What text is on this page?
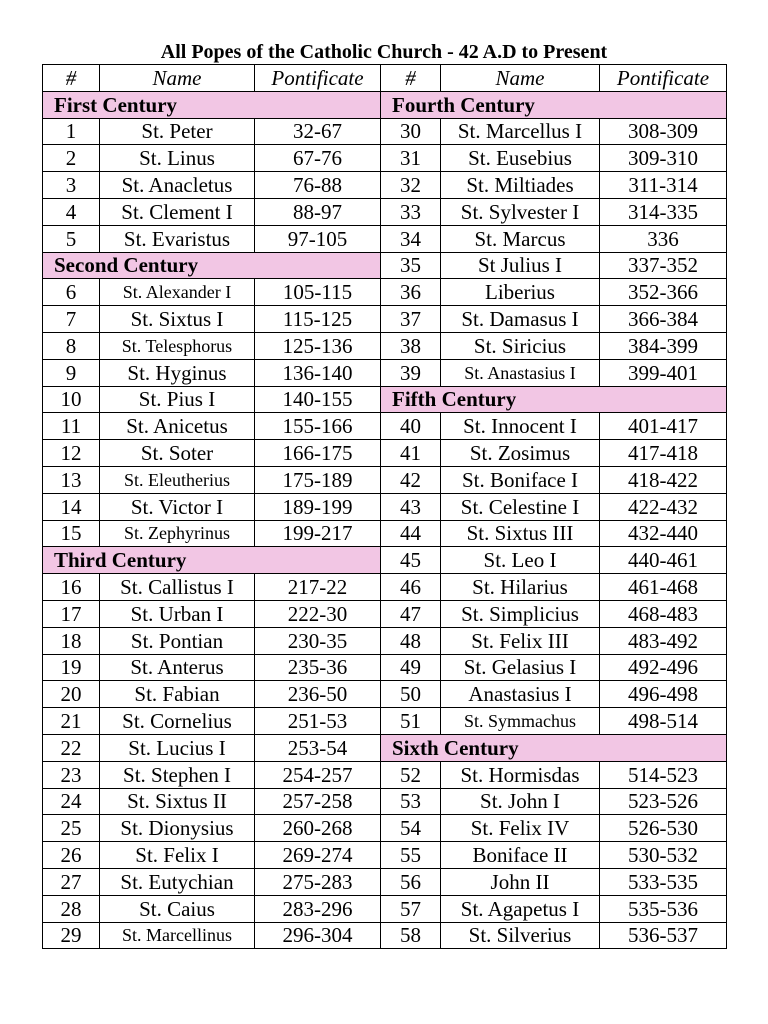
All Popes of the Catholic Church - 42 A.D to Present
#	Name	Pontificate	#	Name	Pontificate
First Century			Fourth Century		
1	St. Peter	32-67	30	St. Marcellus I	308-309
2	St. Linus	67-76	31	St. Eusebius	309-310
3	St. Anacletus	76-88	32	St. Miltiades	311-314
4	St. Clement I	88-97	33	St. Sylvester I	314-335
5	St. Evaristus	97-105	34	St. Marcus	336
Second Century			35	St Julius I	337-352
6	St. Alexander I	105-115	36	Liberius	352-366
7	St. Sixtus I	115-125	37	St. Damasus I	366-384
8	St. Telesphorus	125-136	38	St. Siricius	384-399
9	St. Hyginus	136-140	39	St. Anastasius I	399-401
10	St. Pius I	140-155	Fifth Century		
11	St. Anicetus	155-166	40	St. Innocent I	401-417
12	St. Soter	166-175	41	St. Zosimus	417-418
13	St. Eleutherius	175-189	42	St. Boniface I	418-422
14	St. Victor I	189-199	43	St. Celestine I	422-432
15	St. Zephyrinus	199-217	44	St. Sixtus III	432-440
Third Century			45	St. Leo I	440-461
16	St. Callistus I	217-22	46	St. Hilarius	461-468
17	St. Urban I	222-30	47	St. Simplicius	468-483
18	St. Pontian	230-35	48	St. Felix III	483-492
19	St. Anterus	235-36	49	St. Gelasius I	492-496
20	St. Fabian	236-50	50	Anastasius I	496-498
21	St. Cornelius	251-53	51	St. Symmachus	498-514
22	St. Lucius I	253-54	Sixth Century		
23	St. Stephen I	254-257	52	St. Hormisdas	514-523
24	St. Sixtus II	257-258	53	St. John I	523-526
25	St. Dionysius	260-268	54	St. Felix IV	526-530
26	St. Felix I	269-274	55	Boniface II	530-532
27	St. Eutychian	275-283	56	John II	533-535
28	St. Caius	283-296	57	St. Agapetus I	535-536
29	St. Marcellinus	296-304	58	St. Silverius	536-537
